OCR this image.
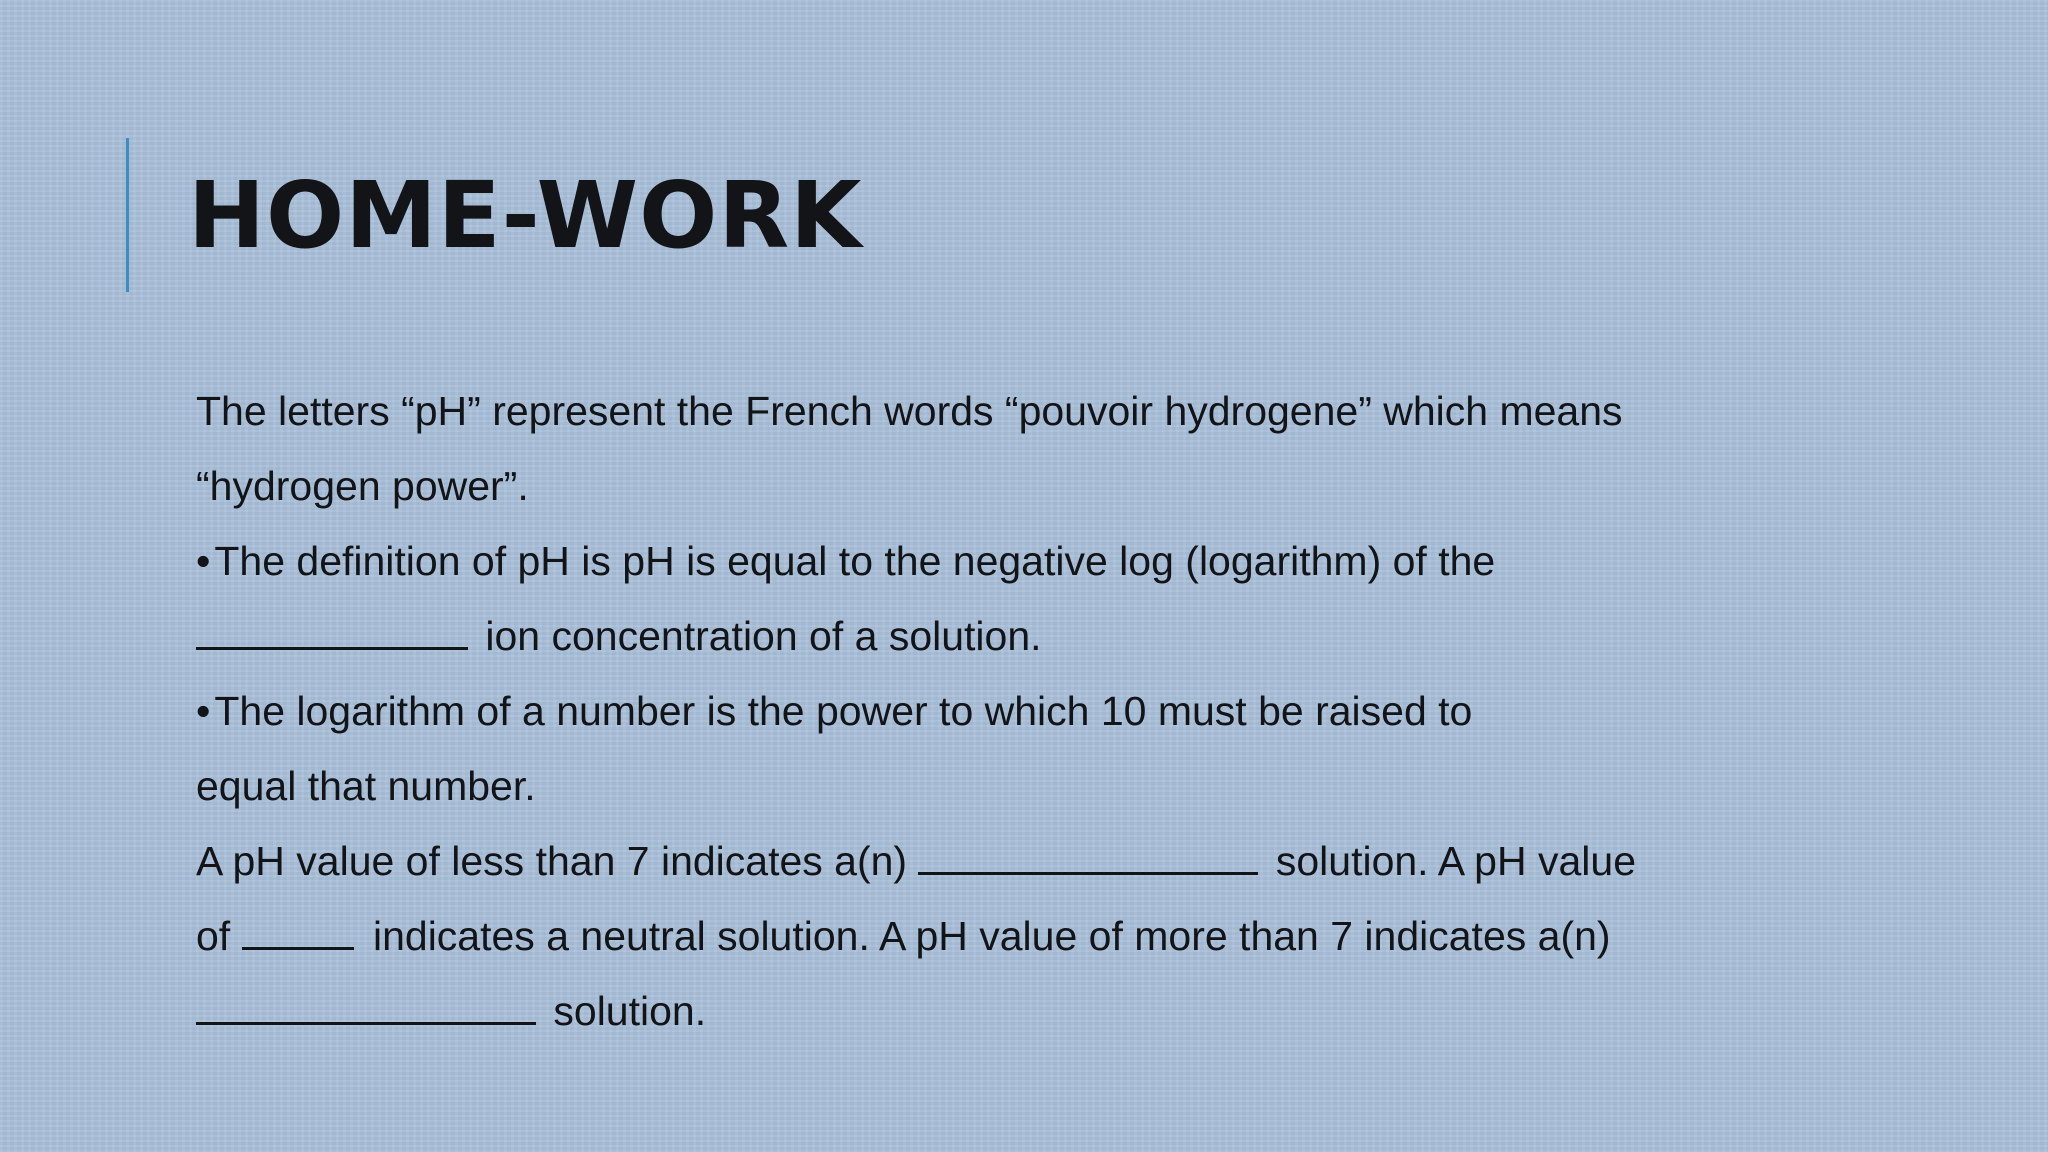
HOME-WORK
The letters “pH” represent the French words “pouvoir hydrogene” which means
“hydrogen power”.
•The definition of pH is pH is equal to the negative log (logarithm) of the
ion concentration of a solution.
•The logarithm of a number is the power to which 10 must be raised to
equal that number.
A pH value of less than 7 indicates a(n)	solution. A pH value
of	indicates a neutral solution. A pH value of more than 7 indicates a(n)
solution.
